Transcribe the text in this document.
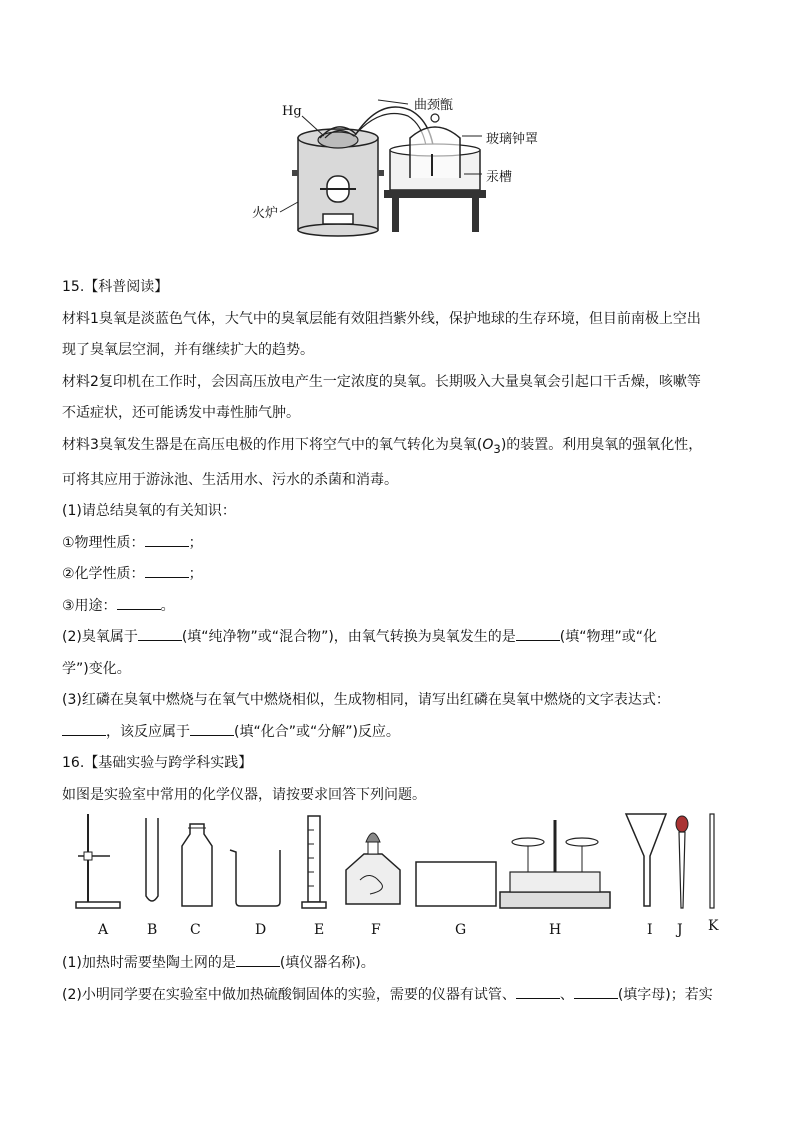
Hg	曲颈甑
玻璃钟罩
汞槽
火炉
15.【科普阅读】
材料1臭氧是淡蓝色气体，大气中的臭氧层能有效阻挡紫外线，保护地球的生存环境，但目前南极上空出
现了臭氧层空洞，并有继续扩大的趋势。
材料2复印机在工作时，会因高压放电产生一定浓度的臭氧。长期吸入大量臭氧会引起口干舌燥，咳嗽等
不适症状，还可能诱发中毒性肺气肿。
材料3臭氧发生器是在高压电极的作用下将空气中的氧气转化为臭氧$(O_3)$的装置。利用臭氧的强氧化性，
可将其应用于游泳池、生活用水、污水的杀菌和消毒。
(1)请总结臭氧的有关知识：
①物理性质：	；
②化学性质：	；
③用途：	。
(2)臭氧属于	(填“纯净物”或“混合物”)，由氧气转换为臭氧发生的是	(填“物理”或“化
学”)变化。
(3)红磷在臭氧中燃烧与在氧气中燃烧相似，生成物相同，请写出红磷在臭氧中燃烧的文字表达式：
，该反应属于	(填“化合”或“分解”)反应。
16.【基础实验与跨学科实践】
如图是实验室中常用的化学仪器，请按要求回答下列问题。
A	B C	D	E	F	G	H	I J K
(1)加热时需要垫陶土网的是	(填仪器名称)。
(2)小明同学要在实验室中做加热硫酸铜固体的实验，需要的仪器有试管、	、	(填字母)；若实
